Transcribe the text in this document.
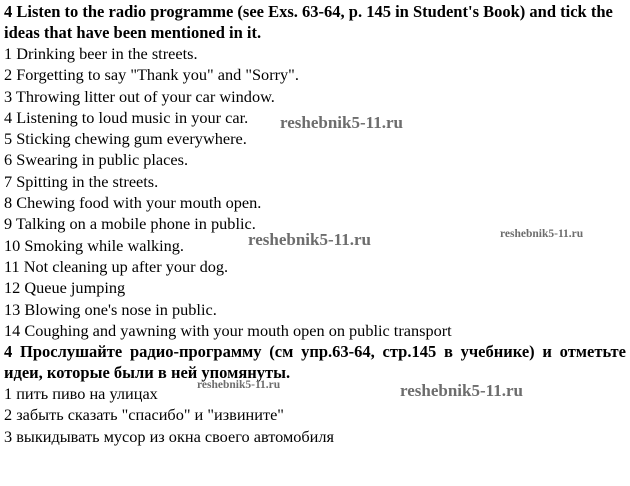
4 Listen to the radio programme (see Exs. 63-64, p. 145 in Student's Book) and tick the ideas that have been mentioned in it.

1 Drinking beer in the streets.
2 Forgetting to say "Thank you" and "Sorry".
3 Throwing litter out of your car window.
4 Listening to loud music in your car.
5 Sticking chewing gum everywhere.
6 Swearing in public places.
7 Spitting in the streets.
8 Chewing food with your mouth open.
9 Talking on a mobile phone in public.
10 Smoking while walking.
11 Not cleaning up after your dog.
12 Queue jumping
13 Blowing one's nose in public.
14 Coughing and yawning with your mouth open on public transport

4 Прослушайте радио-программу (см упр.63-64, стр.145 в учебнике) и отметьте идеи, которые были в ней упомянуты.

1 пить пиво на улицах
2 забыть сказать "спасибо" и "извините"
3 выкидывать мусор из окна своего автомобиля
reshebnik5-11.ru
reshebnik5-11.ru	reshebnik5-11.ru
reshebnik5-11.ru	reshebnik5-11.ru
